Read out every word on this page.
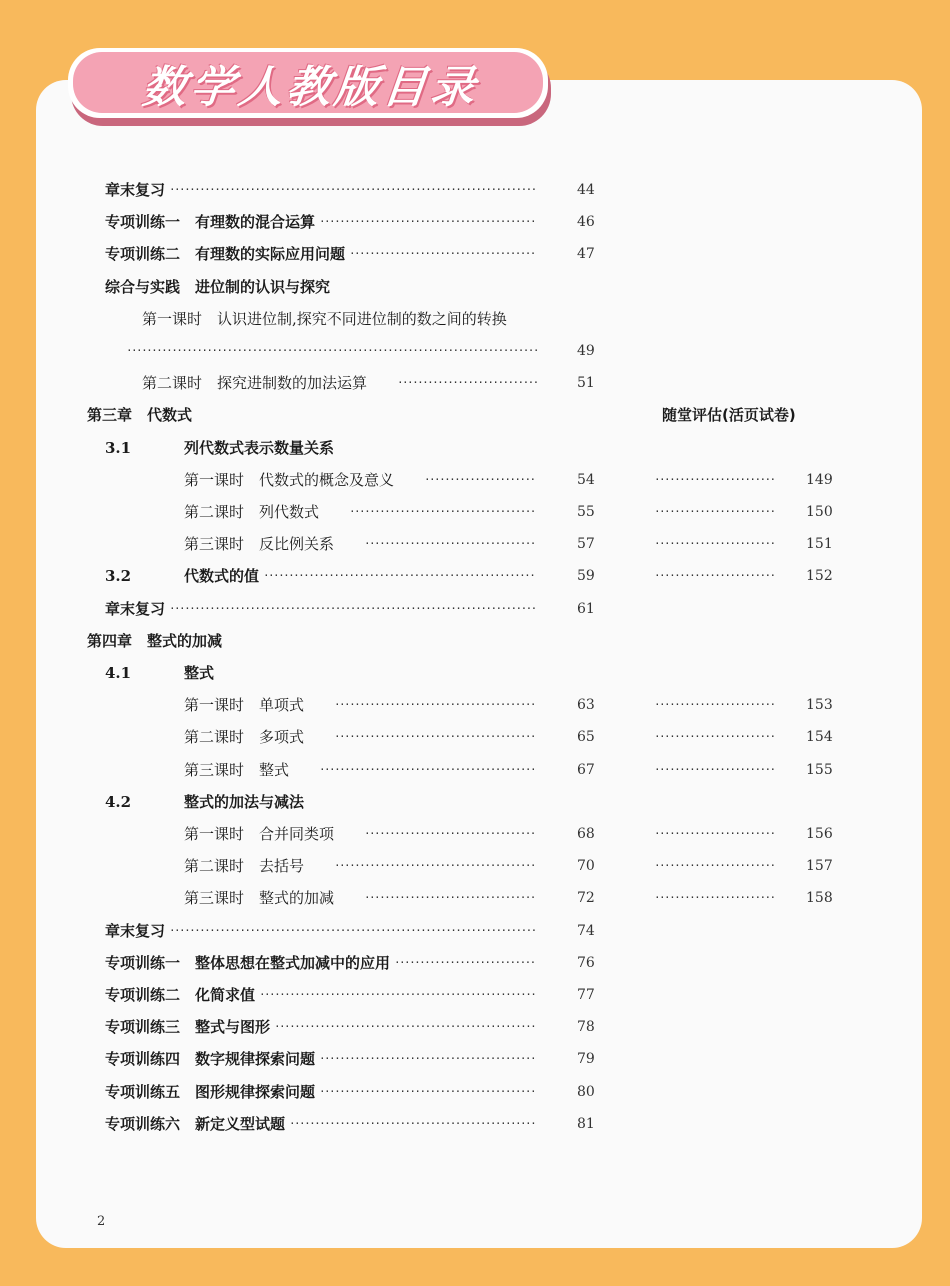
数学人教版目录
随堂评估(活页试卷)
章末复习 ·········································································	44
专项训练一　有理数的混合运算 ···········································	46
专项训练二　有理数的实际应用问题 ·····································	47
综合与实践　进位制的认识与探究
第一课时　认识进位制,探究不同进位制的数之间的转换
··················································································	49
第二课时　探究进制数的加法运算	····························	51
第三章　代数式
3.1	列代数式表示数量关系
第一课时　代数式的概念及意义	······················	54	························ 149
第二课时　列代数式	·····································	55	························ 150
第三课时　反比例关系	··································	57	························ 151
3.2	代数式的值 ······················································	59	························ 152
章末复习 ·········································································	61
第四章　整式的加减
4.1	整式
第一课时　单项式	········································	63	························ 153
第二课时　多项式	········································	65	························ 154
第三课时　整式	···········································	67	························ 155
4.2	整式的加法与减法
第一课时　合并同类项	··································	68	························ 156
第二课时　去括号	········································	70	························ 157
第三课时　整式的加减	··································	72	························ 158
章末复习 ·········································································	74
专项训练一　整体思想在整式加减中的应用 ····························	76
专项训练二　化简求值 ·······················································	77
专项训练三　整式与图形 ····················································	78
专项训练四　数字规律探索问题 ···········································	79
专项训练五　图形规律探索问题 ···········································	80
专项训练六　新定义型试题 ·················································	81
2
